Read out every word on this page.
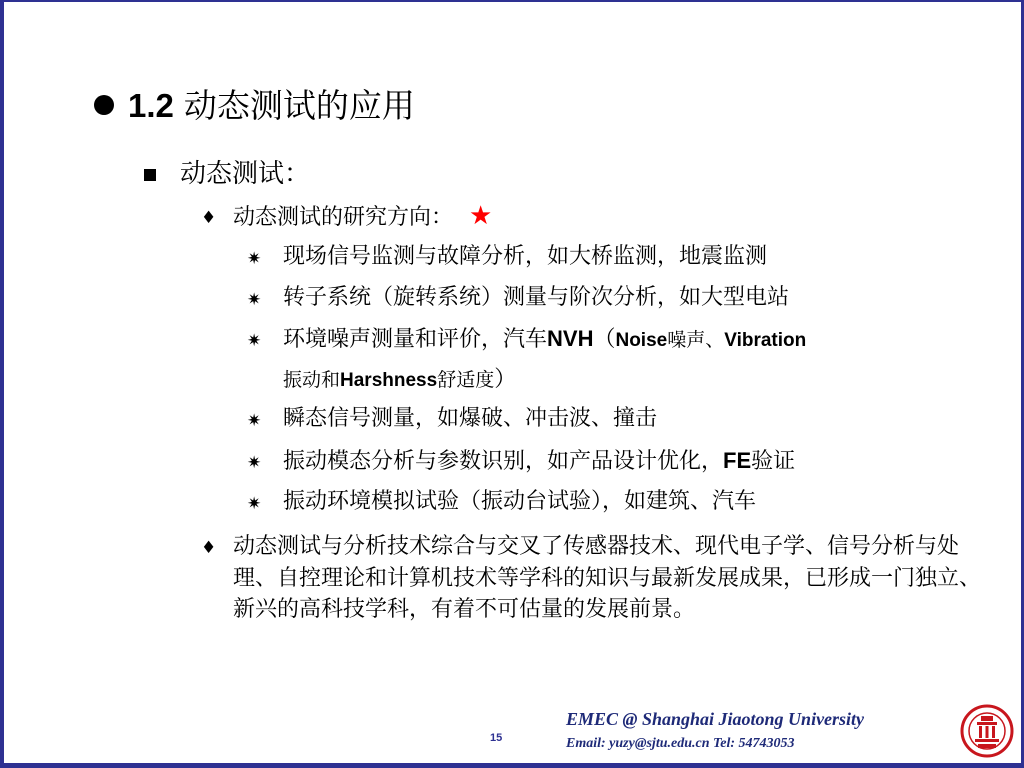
1.2 动态测试的应用
动态测试：
♦ 动态测试的研究方向： ★
✷ 现场信号监测与故障分析，如大桥监测，地震监测
✷ 转子系统（旋转系统）测量与阶次分析，如大型电站
✷ 环境噪声测量和评价，汽车NVH（Noise噪声、Vibration
振动和Harshness舒适度）
✷ 瞬态信号测量，如爆破、冲击波、撞击
✷ 振动模态分析与参数识别，如产品设计优化，FE验证
✷ 振动环境模拟试验（振动台试验），如建筑、汽车
♦ 动态测试与分析技术综合与交叉了传感器技术、现代电子学、信号分析与处理、自控理论和计算机技术等学科的知识与最新发展成果，已形成一门独立、新兴的高科技学科，有着不可估量的发展前景。
15
EMEC @ Shanghai Jiaotong University
Email: yuzy@sjtu.edu.cn Tel: 54743053
